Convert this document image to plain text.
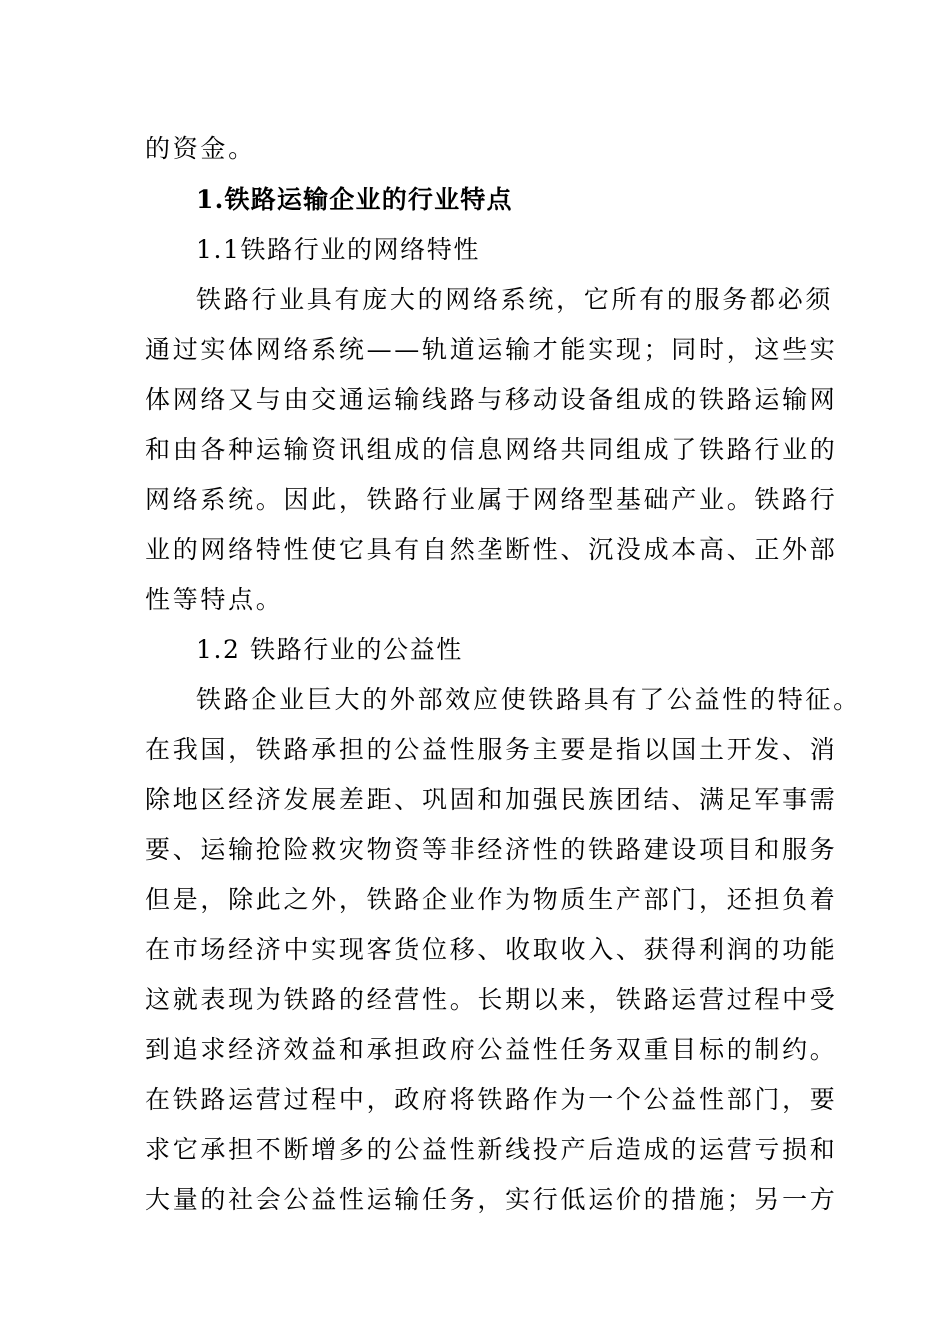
的资金。
1.铁路运输企业的行业特点
1.1铁路行业的网络特性
铁路行业具有庞大的网络系统，它所有的服务都必须
通过实体网络系统——轨道运输才能实现；同时，这些实
体网络又与由交通运输线路与移动设备组成的铁路运输网
和由各种运输资讯组成的信息网络共同组成了铁路行业的
网络系统。因此，铁路行业属于网络型基础产业。铁路行
业的网络特性使它具有自然垄断性、沉没成本高、正外部
性等特点。
1.2 铁路行业的公益性
铁路企业巨大的外部效应使铁路具有了公益性的特征。
在我国，铁路承担的公益性服务主要是指以国土开发、消
除地区经济发展差距、巩固和加强民族团结、满足军事需
要、运输抢险救灾物资等非经济性的铁路建设项目和服务
但是，除此之外，铁路企业作为物质生产部门，还担负着
在市场经济中实现客货位移、收取收入、获得利润的功能
这就表现为铁路的经营性。长期以来，铁路运营过程中受
到追求经济效益和承担政府公益性任务双重目标的制约。
在铁路运营过程中，政府将铁路作为一个公益性部门，要
求它承担不断增多的公益性新线投产后造成的运营亏损和
大量的社会公益性运输任务，实行低运价的措施；另一方
